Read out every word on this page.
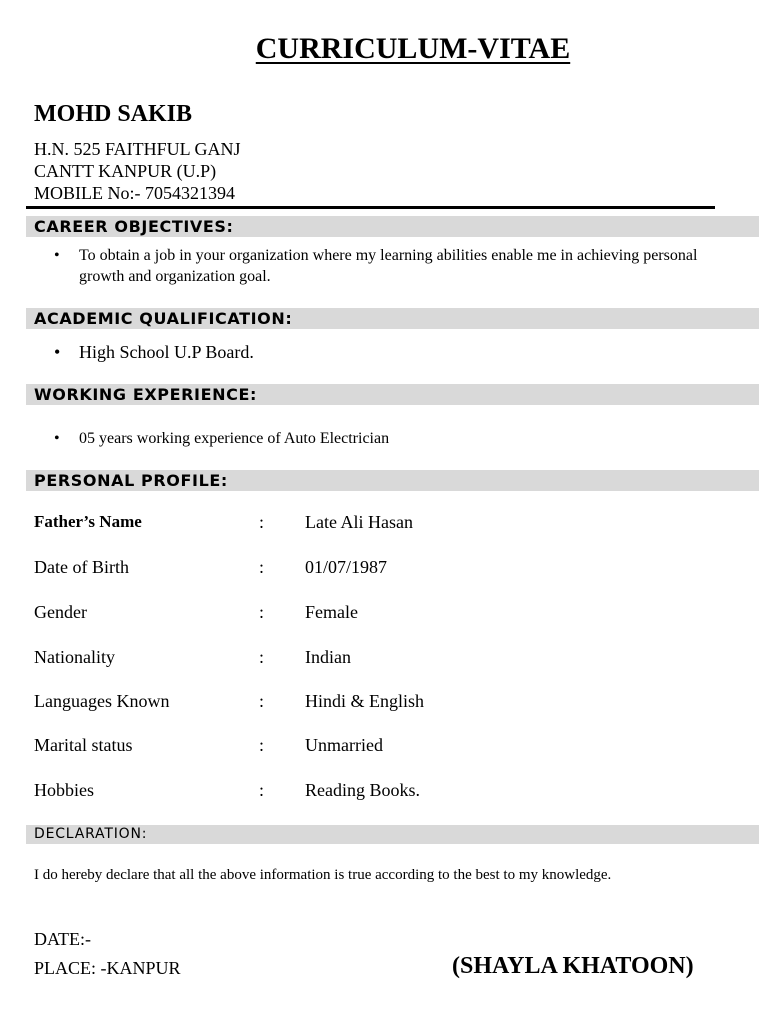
CURRICULUM-VITAE
MOHD SAKIB
H.N. 525 FAITHFUL GANJ
CANTT KANPUR (U.P)
MOBILE No:- 7054321394
CAREER OBJECTIVES:
• To obtain a job in your organization where my learning abilities enable me in achieving personal growth and organization goal.
ACADEMIC QUALIFICATION:
• High School U.P Board.
WORKING EXPERIENCE:
• 05 years working experience of Auto Electrician
PERSONAL PROFILE:
Father’s Name	: Late Ali Hasan
Date of Birth	: 01/07/1987
Gender	: Female
Nationality	: Indian
Languages Known	: Hindi & English
Marital status	: Unmarried
Hobbies	: Reading Books.
DECLARATION:
I do hereby declare that all the above information is true according to the best to my knowledge.
DATE:-
PLACE: -KANPUR	(SHAYLA KHATOON)
